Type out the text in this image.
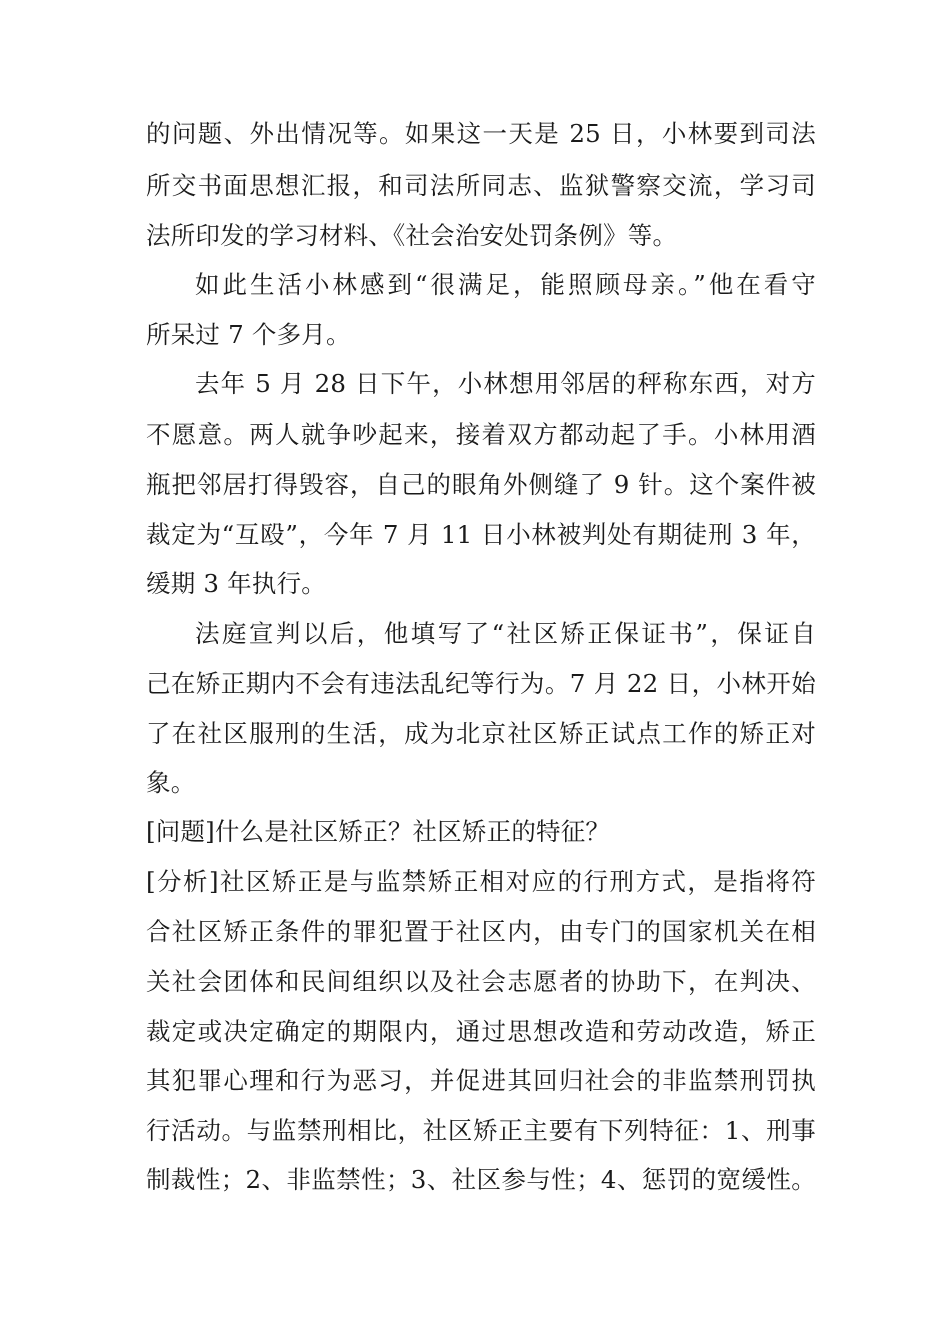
的问题、外出情况等。如果这一天是 25 日，小林要到司法
所交书面思想汇报，和司法所同志、监狱警察交流，学习司
法所印发的学习材料、《社会治安处罚条例》等。
如此生活小林感到“很满足，能照顾母亲。”他在看守
所呆过 7 个多月。
去年 5 月 28 日下午，小林想用邻居的秤称东西，对方
不愿意。两人就争吵起来，接着双方都动起了手。小林用酒
瓶把邻居打得毁容，自己的眼角外侧缝了 9 针。这个案件被
裁定为“互殴”，今年 7 月 11 日小林被判处有期徒刑 3 年，
缓期 3 年执行。
法庭宣判以后，他填写了“社区矫正保证书”，保证自
己在矫正期内不会有违法乱纪等行为。7 月 22 日，小林开始
了在社区服刑的生活，成为北京社区矫正试点工作的矫正对
象。
[问题]什么是社区矫正？社区矫正的特征？
[分析]社区矫正是与监禁矫正相对应的行刑方式，是指将符
合社区矫正条件的罪犯置于社区内，由专门的国家机关在相
关社会团体和民间组织以及社会志愿者的协助下，在判决、
裁定或决定确定的期限内，通过思想改造和劳动改造，矫正
其犯罪心理和行为恶习，并促进其回归社会的非监禁刑罚执
行活动。与监禁刑相比，社区矫正主要有下列特征：1、刑事
制裁性；2、非监禁性；3、社区参与性；4、惩罚的宽缓性。
